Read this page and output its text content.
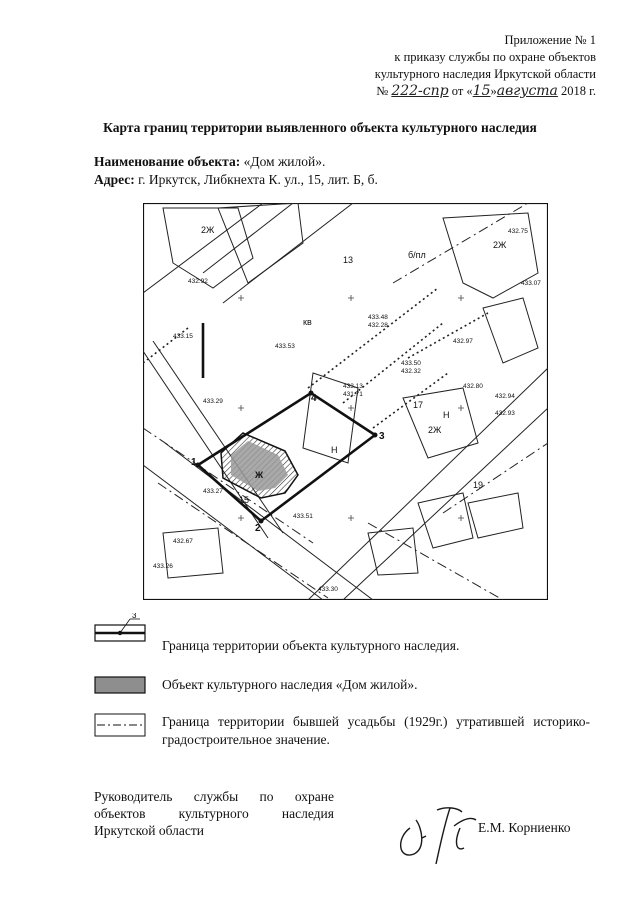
Приложение № 1
к приказу службы по охране объектов
культурного наследия Иркутской области
№ 222-спр от «15»августа 2018 г.
Карта границ территории выявленного объекта культурного наследия
Наименование объекта: «Дом жилой».
Адрес: г. Иркутск, Либкнехта К. ул., 15, лит. Б, б.
2Ж
2Ж
2Ж
Ж
Н
Н
4
3
1
2
15
17
13
19
б/пл
кв	433.48
432.28
433.50
432.32
433.13
431.71
433.29
433.53
432.75
433.07
432.97
432.92
433.27
433.30
432.94
432.93
432.67
433.15
433.26
433.51
432.80
3
Граница территории объекта культурного наследия.
Объект культурного наследия «Дом жилой».
Граница территории бывшей усадьбы (1929г.) утратившей историко-градостроительное значение.
Руководитель службы по охране объектов культурного наследия Иркутской области	Е.М. Корниенко
